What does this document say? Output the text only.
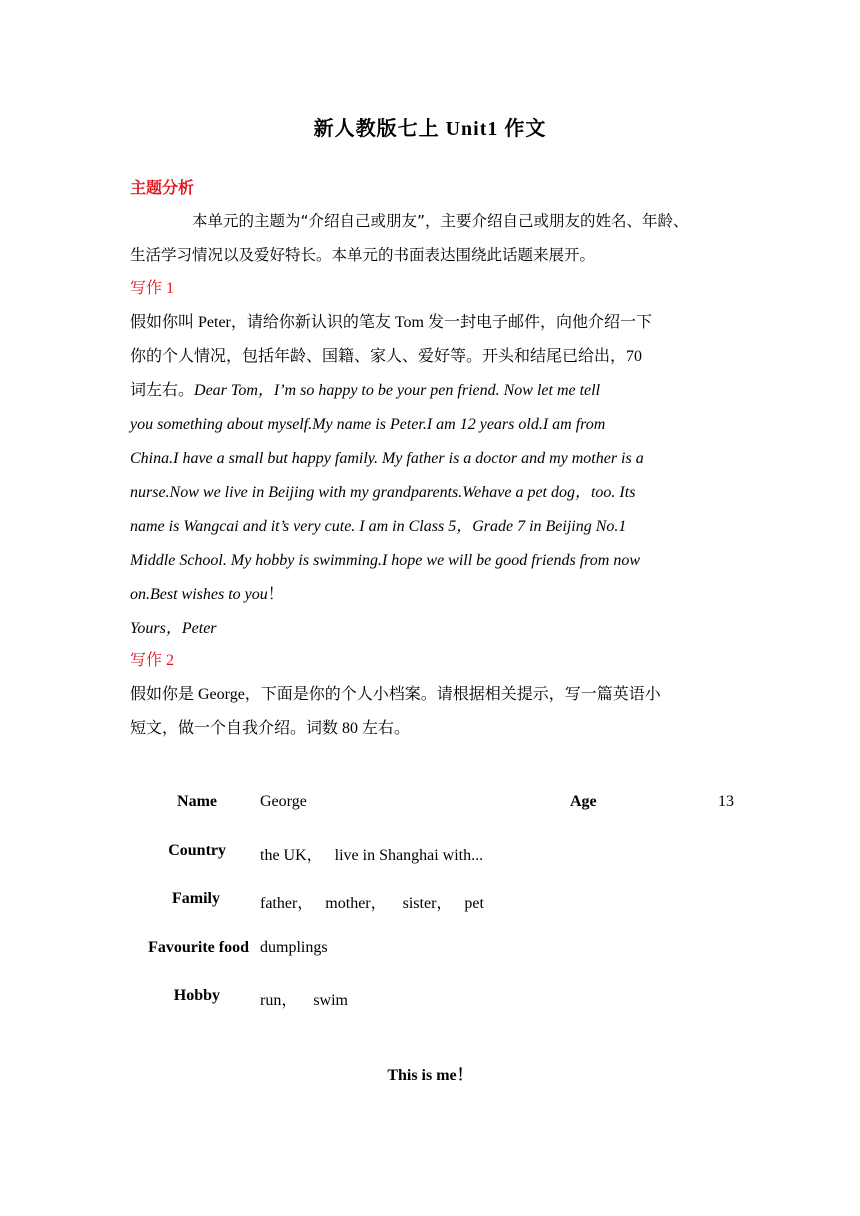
新人教版七上 Unit1 作文
主题分析
本单元的主题为“介绍自己或朋友”，主要介绍自己或朋友的姓名、年龄、
生活学习情况以及爱好特长。本单元的书面表达围绕此话题来展开。
写作 1
假如你叫 Peter，请给你新认识的笔友 Tom 发一封电子邮件，向他介绍一下
你的个人情况，包括年龄、国籍、家人、爱好等。开头和结尾已给出，70
词左右。Dear Tom，I’m so happy to be your pen friend. Now let me tell
you something about myself.My name is Peter.I am 12 years old.I am from
China.I have a small but happy family. My father is a doctor and my mother is a
nurse.Now we live in Beijing with my grandparents.Wehave a pet dog，too. Its
name is Wangcai and it’s very cute. I am in Class 5，Grade 7 in Beijing No.1
Middle School. My hobby is swimming.I hope we will be good friends from now
on.Best wishes to you！
Yours，Peter
写作 2
假如你是 George，下面是你的个人小档案。请根据相关提示，写一篇英语小
短文，做一个自我介绍。词数 80 左右。
Name	George	Age	13
Country the UK，   live in Shanghai with...
Family	father，   mother，    sister，   pet
Favourite food dumplings
Hobby	run，    swim
This is me！
